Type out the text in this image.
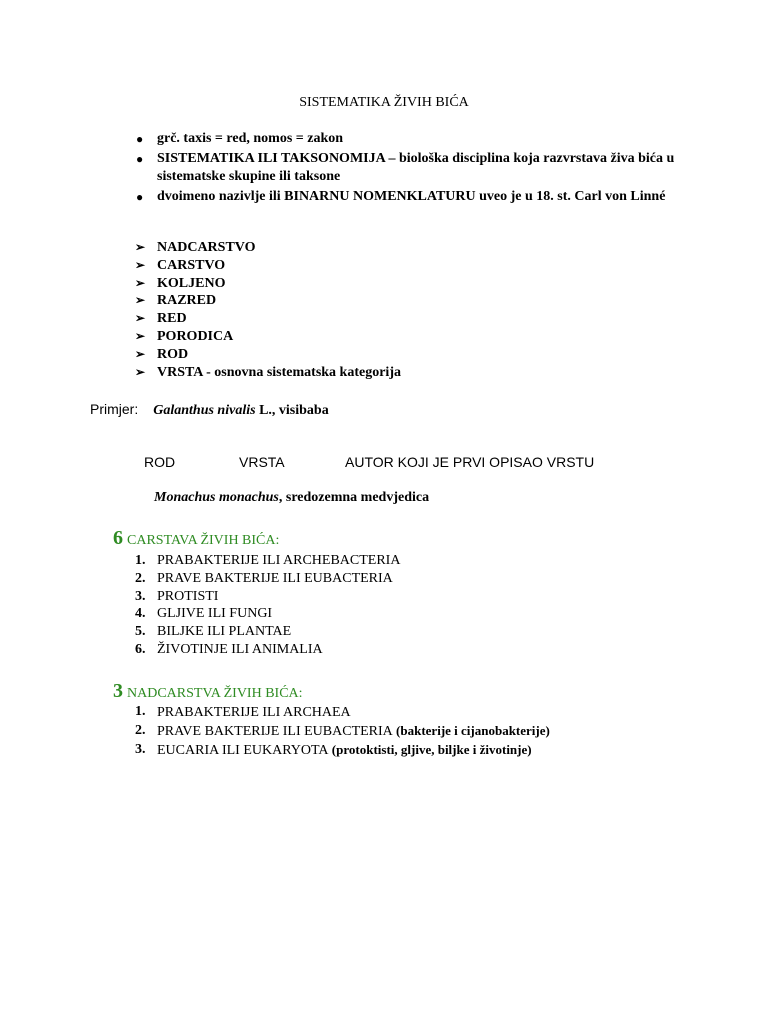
SISTEMATIKA ŽIVIH BIĆA
● grč. taxis = red, nomos = zakon
● SISTEMATIKA ILI TAKSONOMIJA – biološka disciplina koja razvrstava živa bića u sistematske skupine ili taksone
● dvoimeno nazivlje ili BINARNU NOMENKLATURU uveo je u 18. st. Carl von Linné
➢ NADCARSTVO
➢ CARSTVO
➢ KOLJENO
➢ RAZRED
➢ RED
➢ PORODICA
➢ ROD
➢ VRSTA - osnovna sistematska kategorija
Primjer: Galanthus nivalis L., visibaba
ROD	VRSTA	AUTOR KOJI JE PRVI OPISAO VRSTU
Monachus monachus, sredozemna medvjedica
6 CARSTAVA ŽIVIH BIĆA:
1. PRABAKTERIJE ILI ARCHEBACTERIA
2. PRAVE BAKTERIJE ILI EUBACTERIA
3. PROTISTI
4. GLJIVE ILI FUNGI
5. BILJKE ILI PLANTAE
6. ŽIVOTINJE ILI ANIMALIA
3 NADCARSTVA ŽIVIH BIĆA:
1. PRABAKTERIJE ILI ARCHAEA
2. PRAVE BAKTERIJE ILI EUBACTERIA (bakterije i cijanobakterije)
3. EUCARIA ILI EUKARYOTA (protoktisti, gljive, biljke i životinje)
